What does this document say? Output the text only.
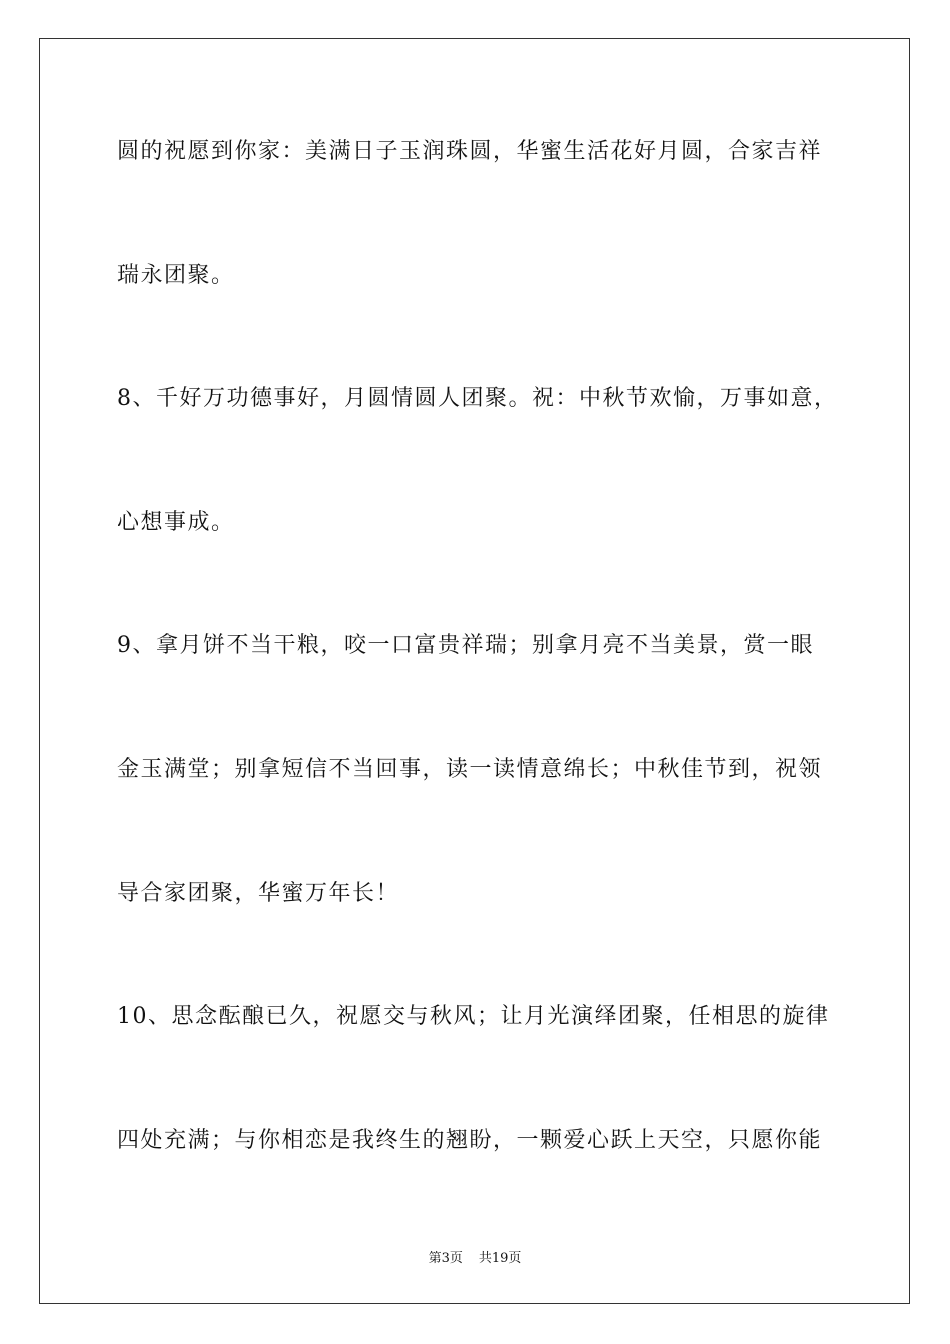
圆的祝愿到你家：美满日子玉润珠圆，华蜜生活花好月圆，合家吉祥
瑞永团聚。
8、千好万功德事好，月圆情圆人团聚。祝：中秋节欢愉，万事如意，
心想事成。
9、拿月饼不当干粮，咬一口富贵祥瑞；别拿月亮不当美景，赏一眼
金玉满堂；别拿短信不当回事，读一读情意绵长；中秋佳节到，祝领
导合家团聚，华蜜万年长！
10、思念酝酿已久，祝愿交与秋风；让月光演绎团聚，任相思的旋律
四处充满；与你相恋是我终生的翘盼，一颗爱心跃上天空，只愿你能
第3页 共19页
